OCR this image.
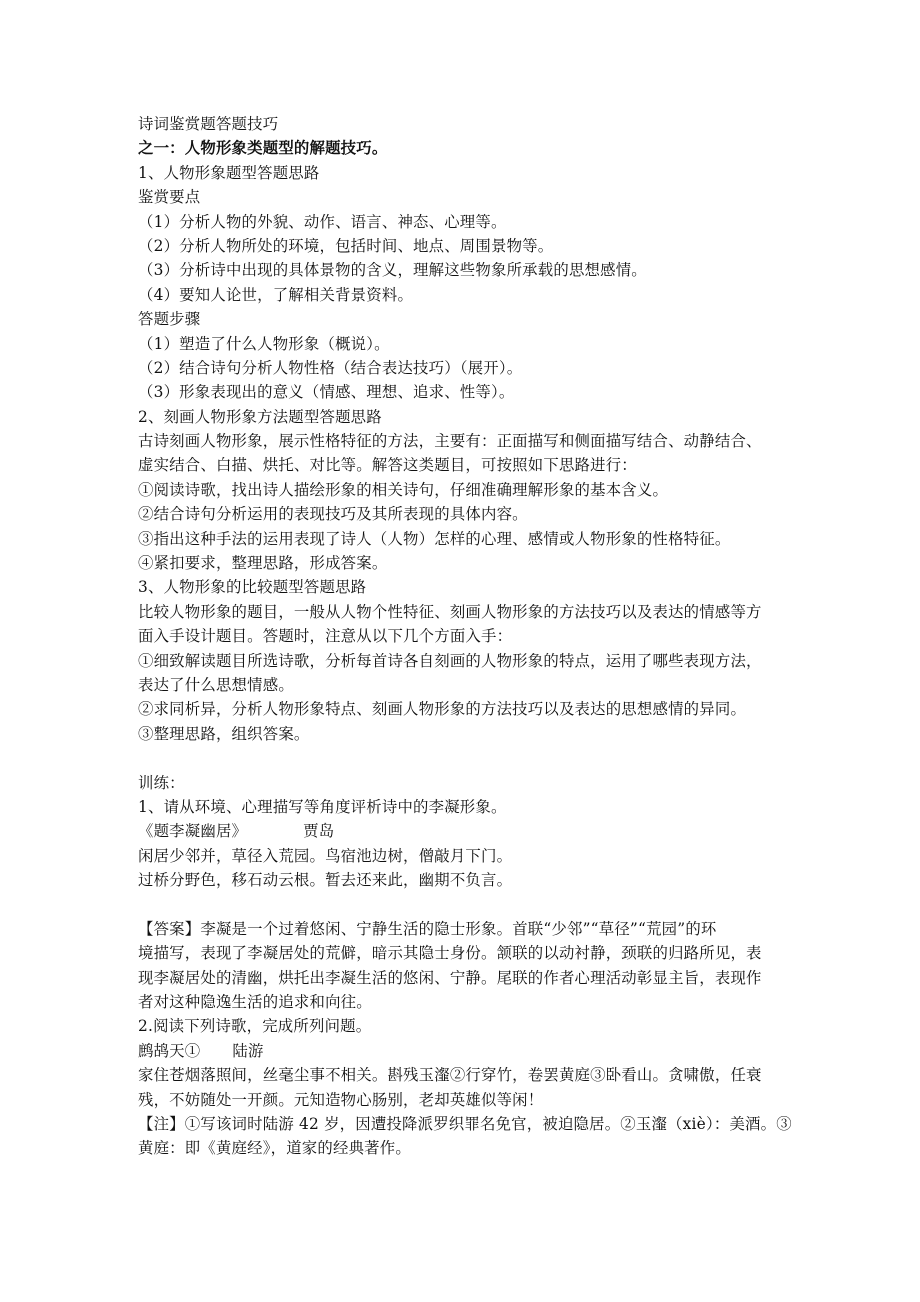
诗词鉴赏题答题技巧
之一：人物形象类题型的解题技巧。
1、人物形象题型答题思路
鉴赏要点
（1）分析人物的外貌、动作、语言、神态、心理等。
（2）分析人物所处的环境，包括时间、地点、周围景物等。
（3）分析诗中出现的具体景物的含义，理解这些物象所承载的思想感情。
（4）要知人论世，了解相关背景资料。
答题步骤
（1）塑造了什么人物形象（概说）。
（2）结合诗句分析人物性格（结合表达技巧）（展开）。
（3）形象表现出的意义（情感、理想、追求、性等）。
2、刻画人物形象方法题型答题思路
古诗刻画人物形象，展示性格特征的方法，主要有：正面描写和侧面描写结合、动静结合、
虚实结合、白描、烘托、对比等。解答这类题目，可按照如下思路进行：
①阅读诗歌，找出诗人描绘形象的相关诗句，仔细准确理解形象的基本含义。
②结合诗句分析运用的表现技巧及其所表现的具体内容。
③指出这种手法的运用表现了诗人（人物）怎样的心理、感情或人物形象的性格特征。
④紧扣要求，整理思路，形成答案。
3、人物形象的比较题型答题思路
比较人物形象的题目，一般从人物个性特征、刻画人物形象的方法技巧以及表达的情感等方
面入手设计题目。答题时，注意从以下几个方面入手：
①细致解读题目所选诗歌，分析每首诗各自刻画的人物形象的特点，运用了哪些表现方法，
表达了什么思想情感。
②求同析异，分析人物形象特点、刻画人物形象的方法技巧以及表达的思想感情的异同。
③整理思路，组织答案。
训练：
1、请从环境、心理描写等角度评析诗中的李凝形象。
《题李凝幽居》	贾岛
闲居少邻并，草径入荒园。鸟宿池边树，僧敲月下门。
过桥分野色，移石动云根。暂去还来此，幽期不负言。
【答案】李凝是一个过着悠闲、宁静生活的隐士形象。首联“少邻”“草径”“荒园”的环
境描写，表现了李凝居处的荒僻，暗示其隐士身份。颔联的以动衬静，颈联的归路所见，表
现李凝居处的清幽，烘托出李凝生活的悠闲、宁静。尾联的作者心理活动彰显主旨，表现作
者对这种隐逸生活的追求和向往。
2.阅读下列诗歌，完成所列问题。
鹧鸪天① 陆游
家住苍烟落照间，丝毫尘事不相关。斟残玉瀣②行穿竹，卷罢黄庭③卧看山。贪啸傲，任衰
残，不妨随处一开颜。元知造物心肠别，老却英雄似等闲！
【注】①写该词时陆游 42 岁，因遭投降派罗织罪名免官，被迫隐居。②玉瀣（xiè）：美酒。③
黄庭：即《黄庭经》，道家的经典著作。
